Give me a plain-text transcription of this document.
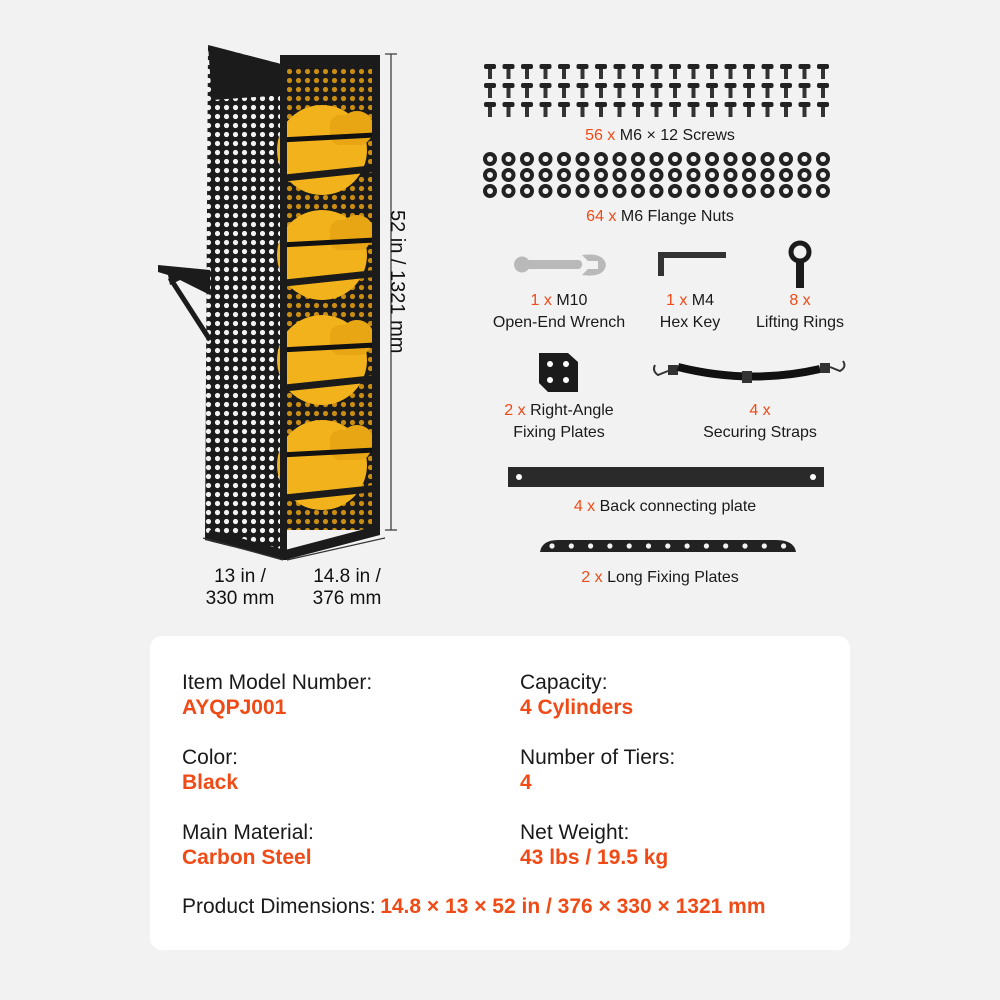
52 in / 1321 mm
13 in /
330 mm
14.8 in /
376 mm
56 x M6 × 12 Screws
64 x M6 Flange Nuts
1 x M10
Open-End Wrench
1 x M4
Hex Key
8 x
Lifting Rings
2 x Right-Angle
Fixing Plates
4 x
Securing Straps
4 x Back connecting plate
2 x Long Fixing Plates
Item Model Number:
AYQPJ001
Capacity:
4 Cylinders
Color:
Black
Number of Tiers:
4
Main Material:
Carbon Steel
Net Weight:
43 lbs / 19.5 kg
Product Dimensions: 14.8 × 13 × 52 in / 376 × 330 × 1321 mm
